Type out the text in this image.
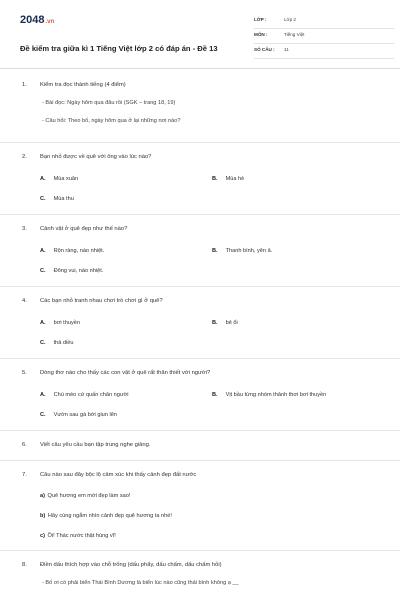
2048.vn
Đề kiểm tra giữa kì 1 Tiếng Việt lớp 2 có đáp án - Đề 13
LỚP :	Lớp 2
MÔN :	Tiếng Việt
SỐ CÂU : 11
1. Kiểm tra đọc thành tiếng (4 điểm)
- Bài đọc: Ngày hôm qua đâu rồi (SGK – trang 18, 19)
- Câu hỏi: Theo bố, ngày hôm qua ở lại những nơi nào?
2. Bạn nhỏ được về quê với ông vào lúc nào?
A. Mùa xuân	B. Mùa hè
C. Mùa thu
3. Cảnh vật ở quê đẹp như thế nào?
A. Rộn ràng, náo nhiệt.	B. Thanh bình, yên ả.
C. Đông vui, náo nhiệt.
4. Các bạn nhỏ tranh nhau chơi trò chơi gì ở quê?
A. bơi thuyền	B. bẻ ổi
C. thả diều
5. Dòng thơ nào cho thấy các con vật ở quê rất thân thiết với người?
A. Chú mèo cứ quấn chân người	B. Vịt bầu từng nhóm thảnh thơi bơi thuyền
C. Vườn sau gà bới giun lên
6. Viết câu yêu cầu bạn tập trung nghe giảng.
7. Câu nào sau đây bộc lộ cảm xúc khi thấy cảnh đẹp đất nước
a) Quê hương em mới đẹp làm sao!
b) Hãy cùng ngắm nhìn cảnh đẹp quê hương ta nhé!
c) Ồi! Thác nước thật hùng vĩ!
8. Điền dấu thích hợp vào chỗ trống (dấu phẩy, dấu chấm, dấu chấm hỏi)
- Bố ơi có phải biển Thái Bình Dương là biển lúc nào cũng thái bình không ạ __
